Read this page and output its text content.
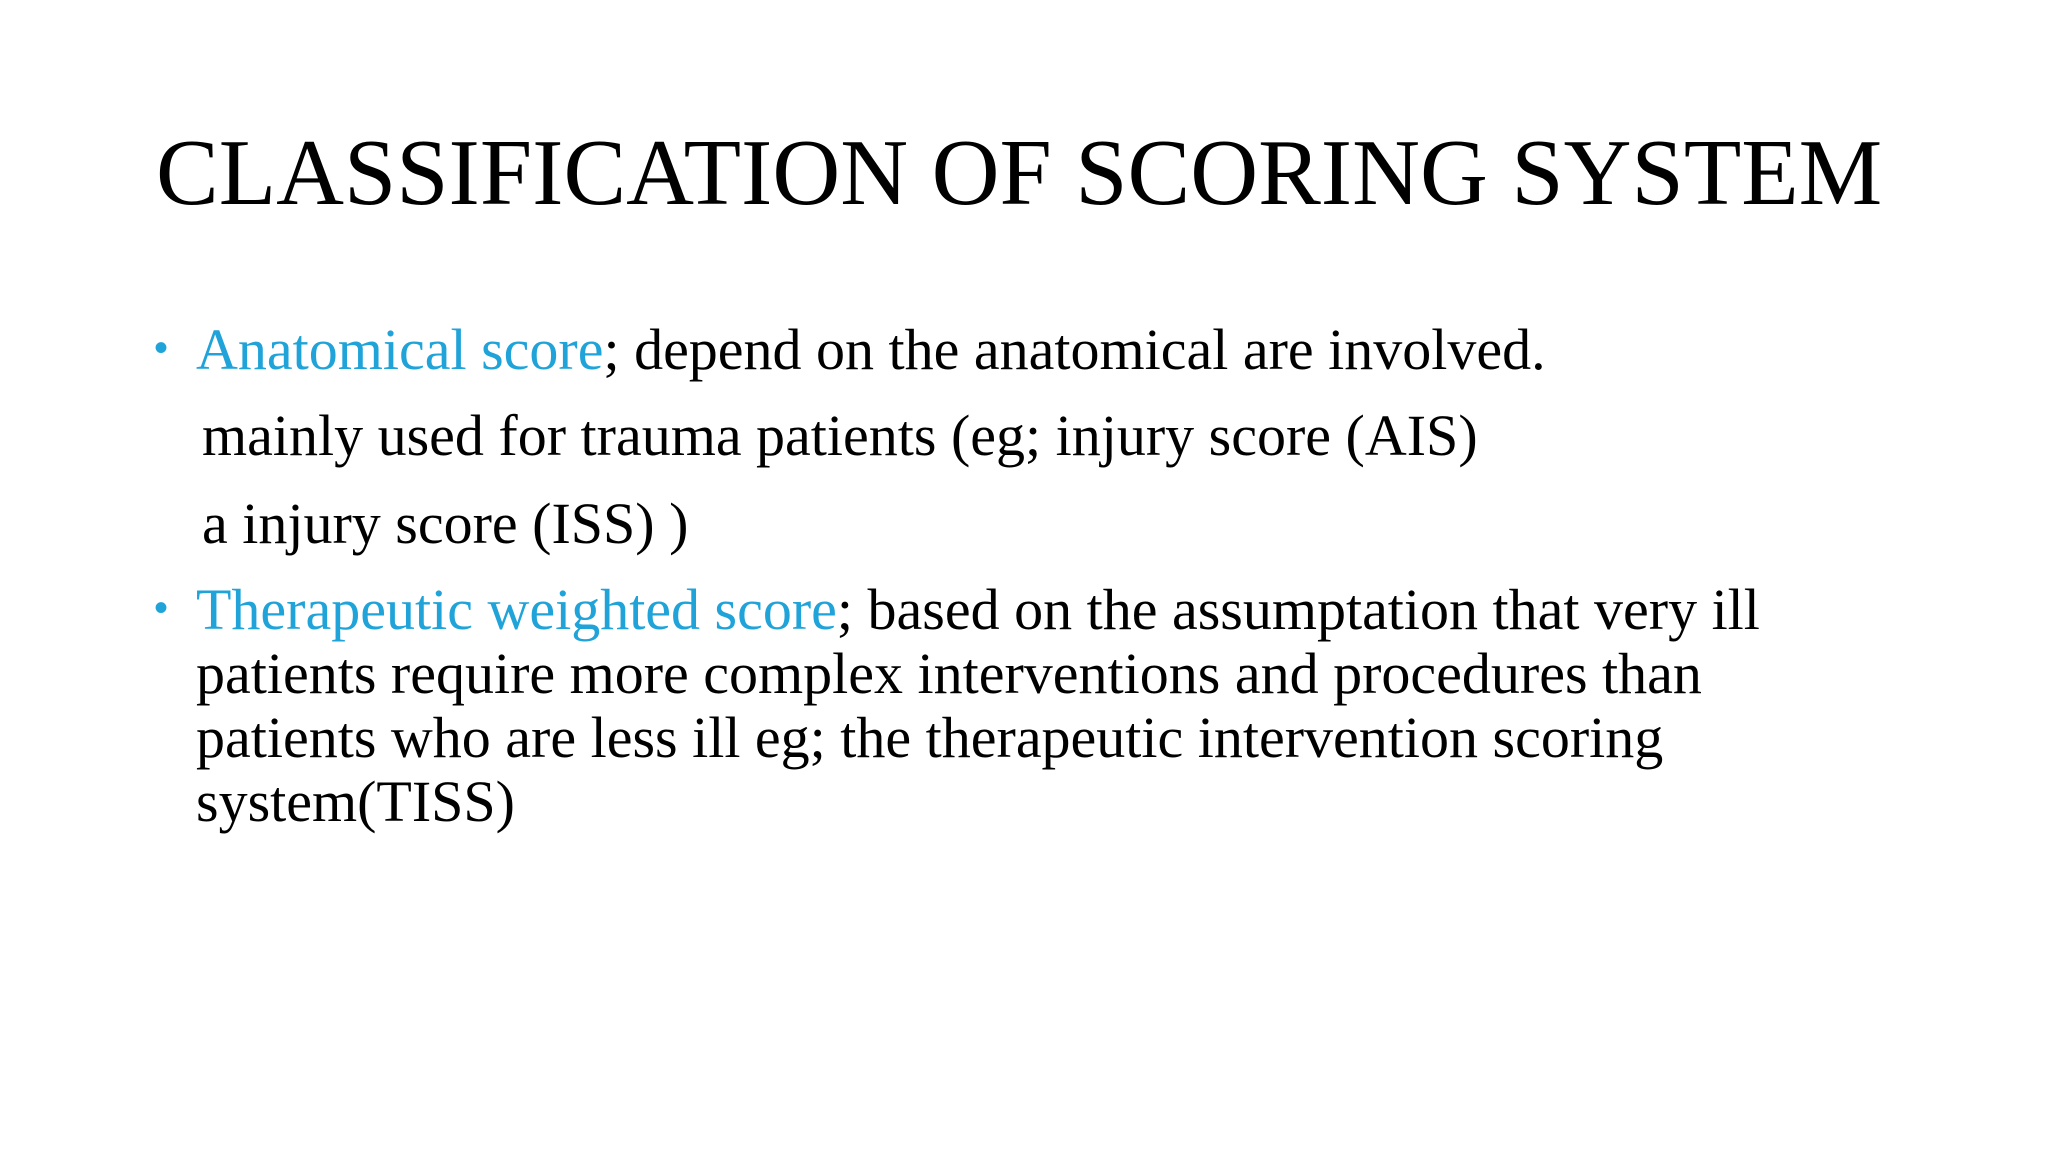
CLASSIFICATION OF SCORING SYSTEM
• Anatomical score; depend on the anatomical are involved.
mainly used for trauma patients (eg; injury score (AIS)
a injury score (ISS) )
• Therapeutic weighted score; based on the assumptation that very ill
patients require more complex interventions and procedures than
patients who are less ill eg; the therapeutic intervention scoring
system(TISS)
